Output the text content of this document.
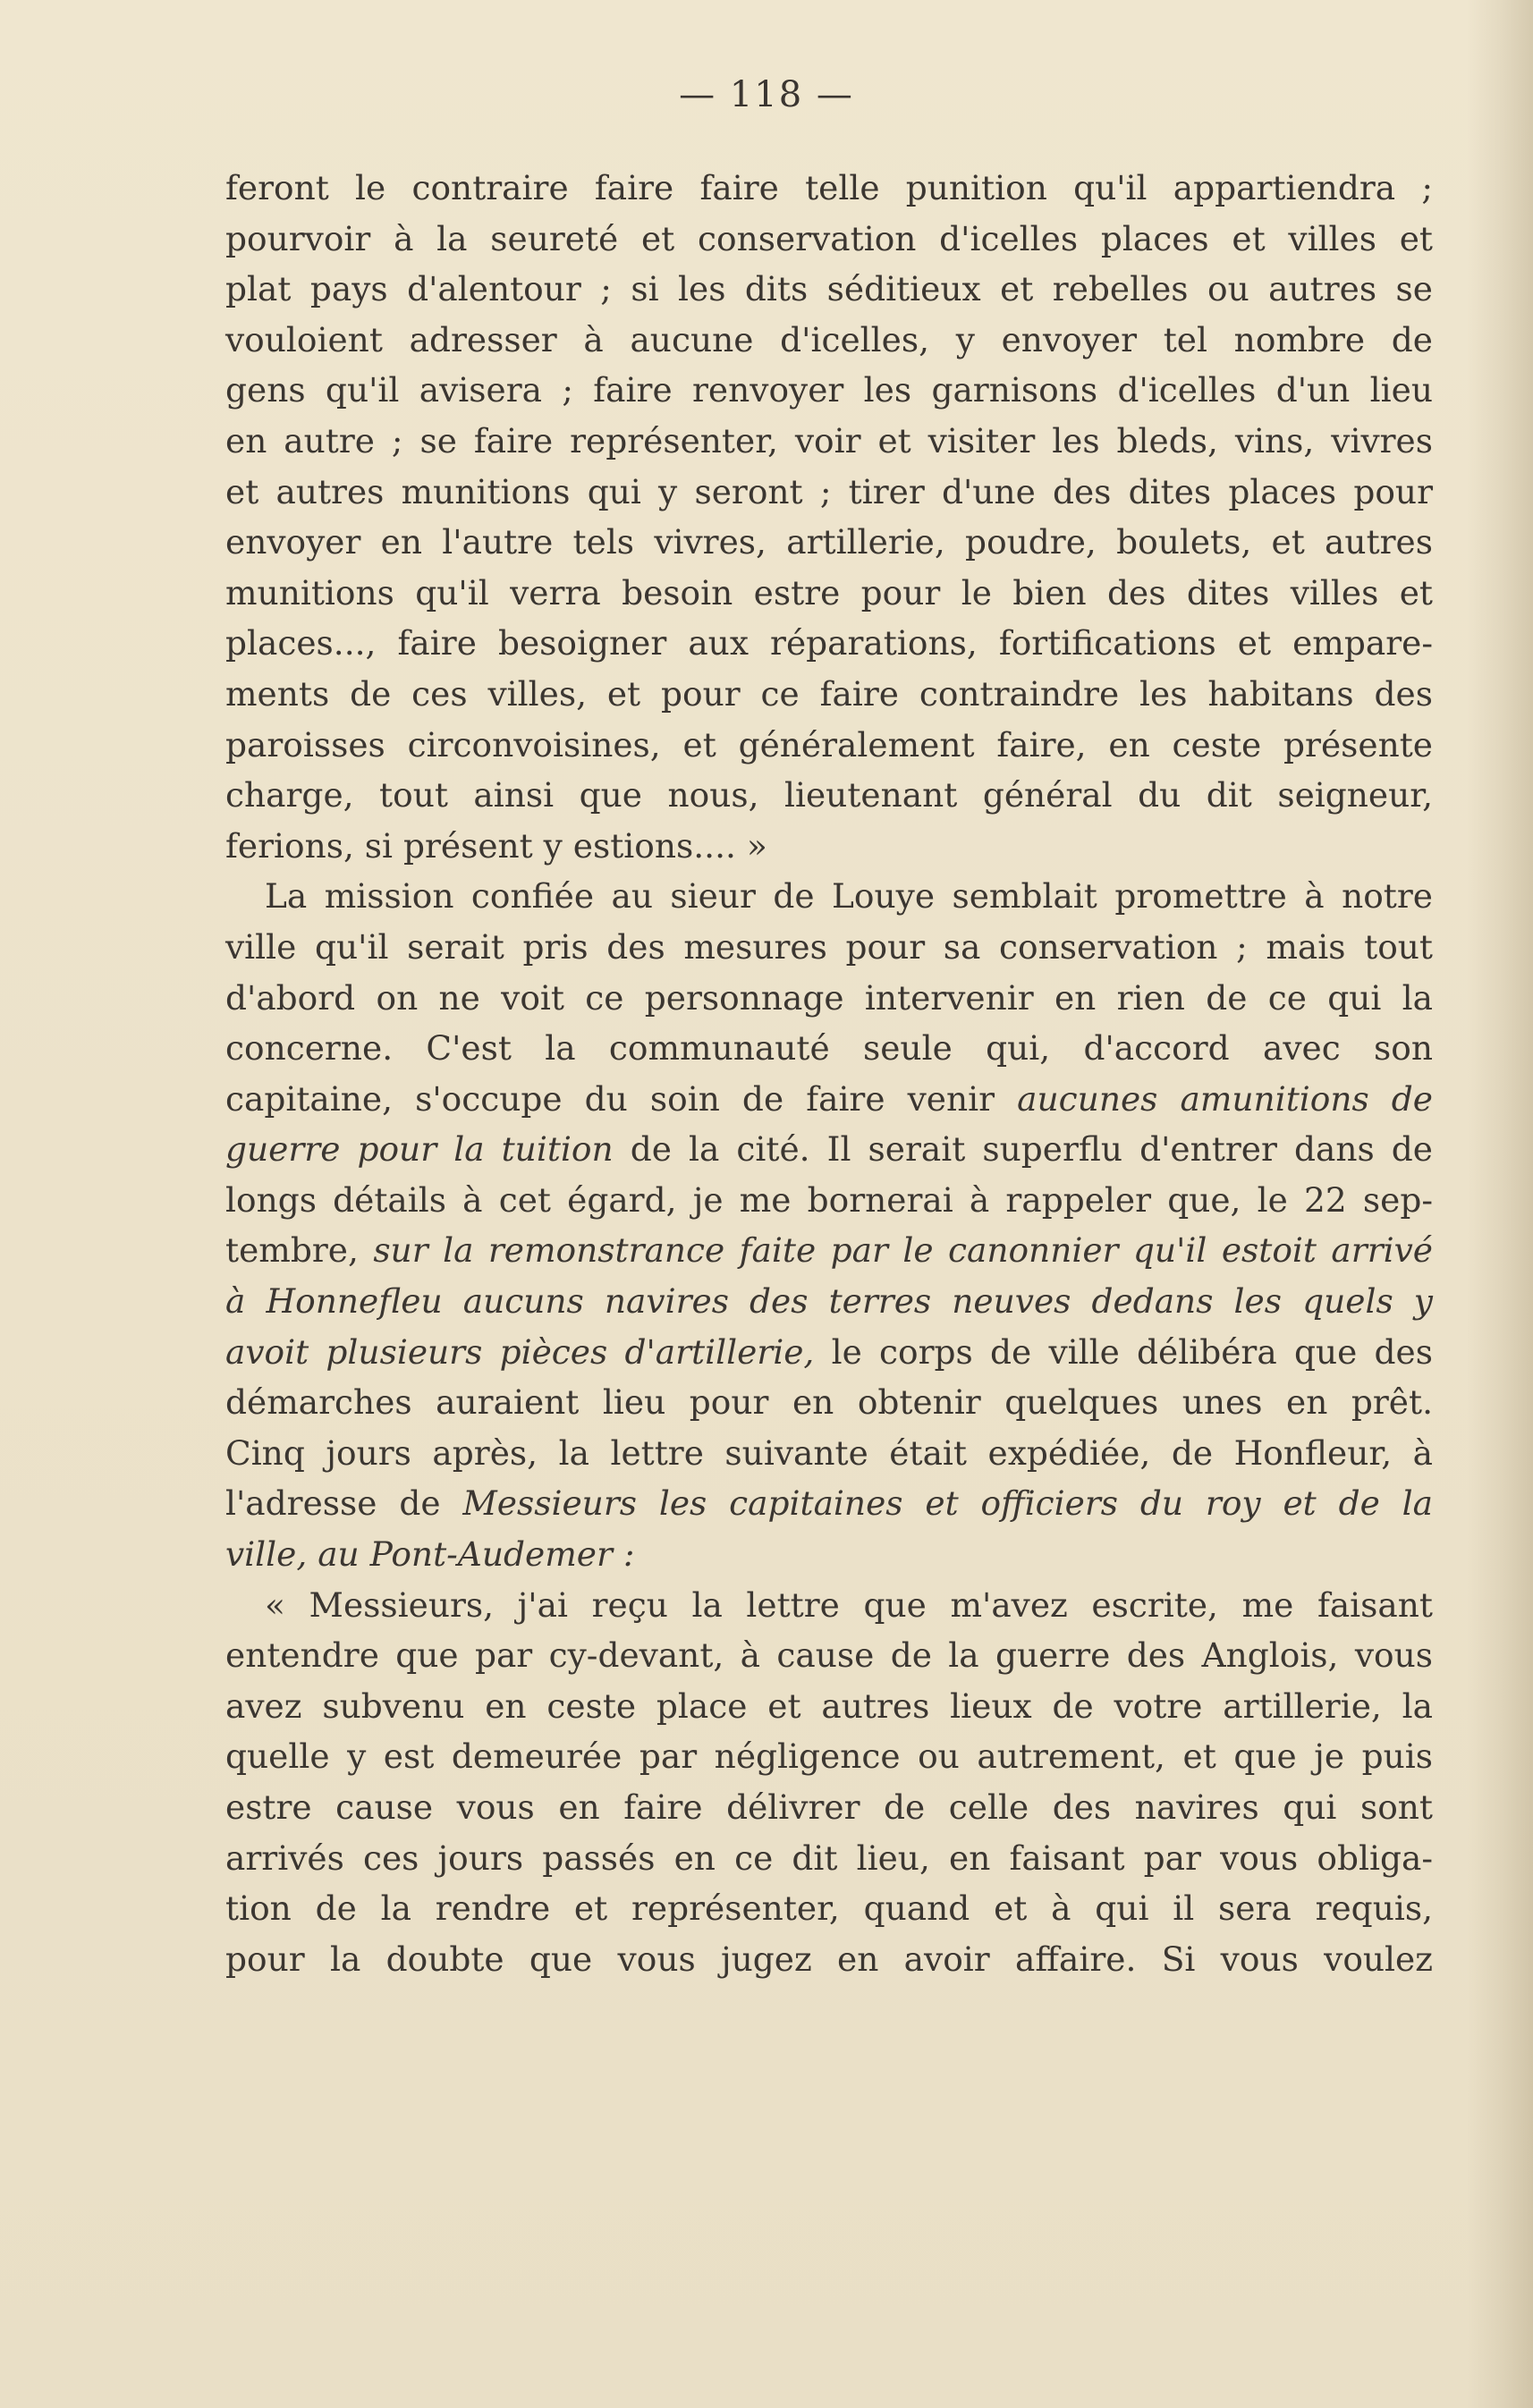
— 118 —
feront le contraire faire faire telle punition qu'il appartiendra ;
pourvoir à la seureté et conservation d'icelles places et villes et
plat pays d'alentour ; si les dits séditieux et rebelles ou autres se
vouloient adresser à aucune d'icelles, y envoyer tel nombre de
gens qu'il avisera ; faire renvoyer les garnisons d'icelles d'un lieu
en autre ; se faire représenter, voir et visiter les bleds, vins, vivres
et autres munitions qui y seront ; tirer d'une des dites places pour
envoyer en l'autre tels vivres, artillerie, poudre, boulets, et autres
munitions qu'il verra besoin estre pour le bien des dites villes et
places..., faire besoigner aux réparations, fortifications et empare-
ments de ces villes, et pour ce faire contraindre les habitans des
paroisses circonvoisines, et généralement faire, en ceste présente
charge, tout ainsi que nous, lieutenant général du dit seigneur,
ferions, si présent y estions.... »
La mission confiée au sieur de Louye semblait promettre à notre
ville qu'il serait pris des mesures pour sa conservation ; mais tout
d'abord on ne voit ce personnage intervenir en rien de ce qui la
concerne. C'est la communauté seule qui, d'accord avec son
capitaine, s'occupe du soin de faire venir aucunes amunitions de
guerre pour la tuition de la cité. Il serait superflu d'entrer dans de
longs détails à cet égard, je me bornerai à rappeler que, le 22 sep-
tembre, sur la remonstrance faite par le canonnier qu'il estoit arrivé
à Honnefleu aucuns navires des terres neuves dedans les quels y
avoit plusieurs pièces d'artillerie, le corps de ville délibéra que des
démarches auraient lieu pour en obtenir quelques unes en prêt.
Cinq jours après, la lettre suivante était expédiée, de Honfleur, à
l'adresse de Messieurs les capitaines et officiers du roy et de la
ville, au Pont-Audemer :
« Messieurs, j'ai reçu la lettre que m'avez escrite, me faisant
entendre que par cy-devant, à cause de la guerre des Anglois, vous
avez subvenu en ceste place et autres lieux de votre artillerie, la
quelle y est demeurée par négligence ou autrement, et que je puis
estre cause vous en faire délivrer de celle des navires qui sont
arrivés ces jours passés en ce dit lieu, en faisant par vous obliga-
tion de la rendre et représenter, quand et à qui il sera requis,
pour la doubte que vous jugez en avoir affaire. Si vous voulez
